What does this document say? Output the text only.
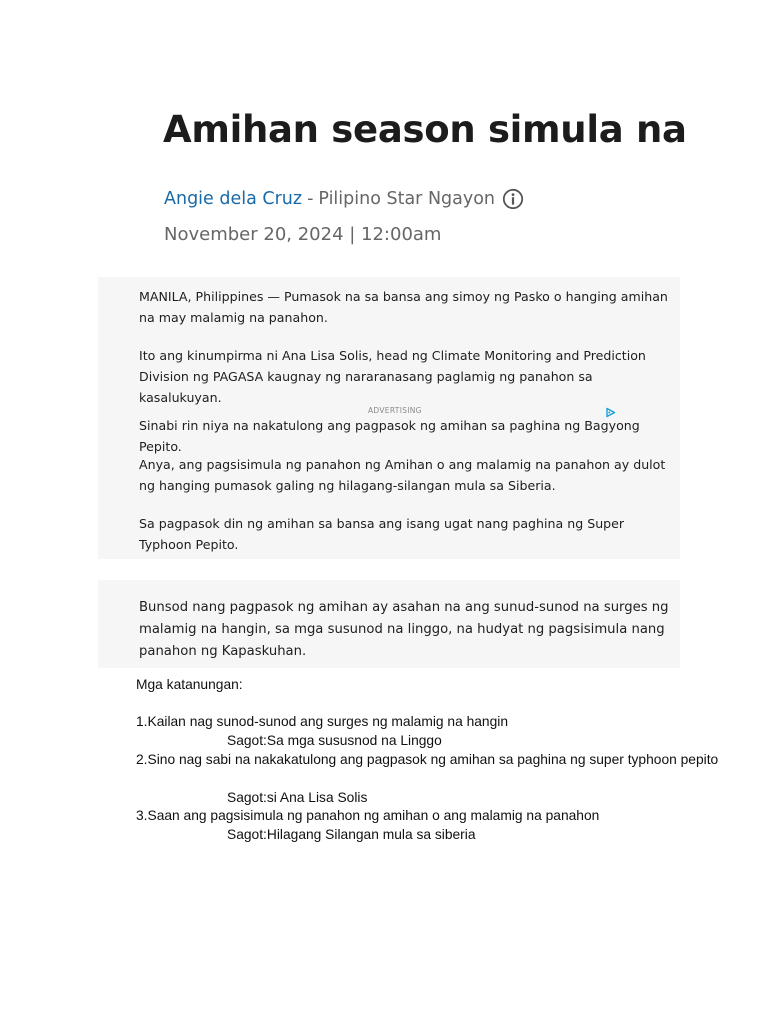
Amihan season simula na
Angie dela Cruz - Pilipino Star Ngayon
November 20, 2024 | 12:00am

MANILA, Philippines — Pumasok na sa bansa ang simoy ng Pasko o hanging amihan na may malamig na panahon.

Ito ang kinumpirma ni Ana Lisa Solis, head ng Climate Monitoring and Prediction Division ng PAGASA kaugnay ng nararanasang paglamig ng panahon sa kasalukuyan.

ADVERTISING

Sinabi rin niya na nakatulong ang pagpasok ng amihan sa paghina ng Bagyong Pepito.

Anya, ang pagsisimula ng panahon ng Amihan o ang malamig na panahon ay dulot ng hanging pumasok galing ng hilagang-silangan mula sa Siberia.

Sa pagpasok din ng amihan sa bansa ang isang ugat nang paghina ng Super Typhoon Pepito.

Bunsod nang pagpasok ng amihan ay asahan na ang sunud-sunod na surges ng malamig na hangin, sa mga susunod na linggo, na hudyat ng pagsisimula nang panahon ng Kapaskuhan.

Mga katanungan:
1.Kailan nag sunod-sunod ang surges ng malamig na hangin
Sagot:Sa mga sususnod na Linggo
2.Sino nag sabi na nakakatulong ang pagpasok ng amihan sa paghina ng super typhoon pepito
Sagot:si Ana Lisa Solis
3.Saan ang pagsisimula ng panahon ng amihan o ang malamig na panahon
Sagot:Hilagang Silangan mula sa siberia
